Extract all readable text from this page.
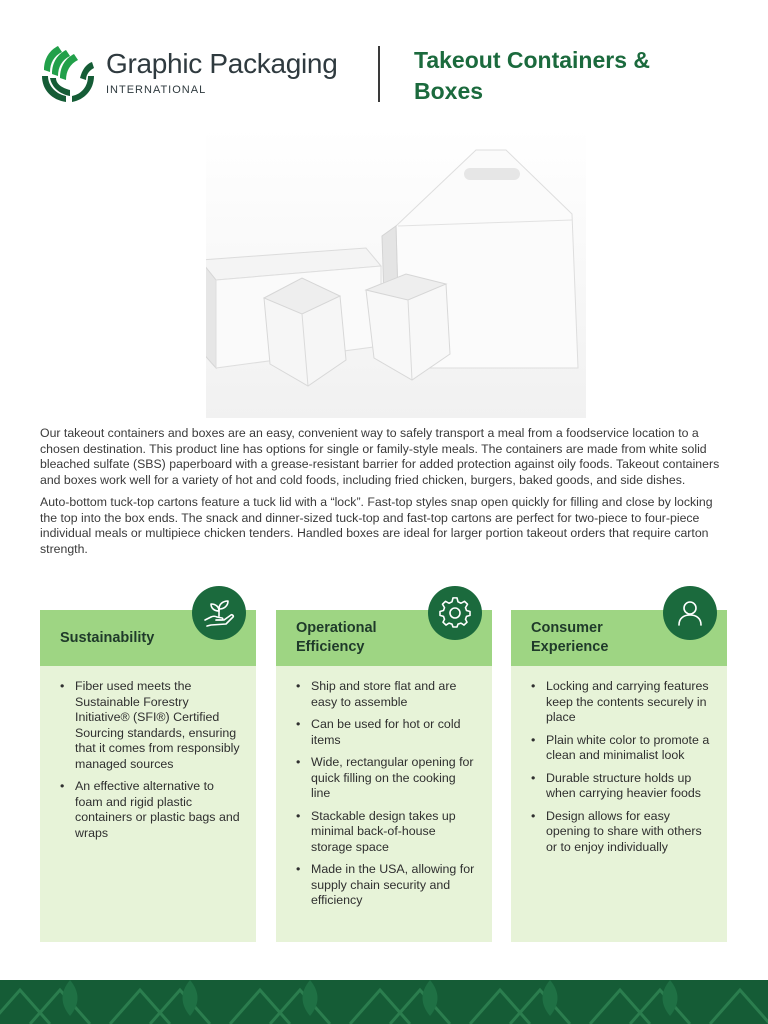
Graphic Packaging
INTERNATIONAL
Takeout Containers &
Boxes

Our takeout containers and boxes are an easy, convenient way to safely transport a meal from a foodservice location to a chosen destination. This product line has options for single or family-style meals. The containers are made from white solid bleached sulfate (SBS) paperboard with a grease-resistant barrier for added protection against oily foods. Takeout containers and boxes work well for a variety of hot and cold foods, including fried chicken, burgers, baked goods, and side dishes.

Auto-bottom tuck-top cartons feature a tuck lid with a “lock”. Fast-top styles snap open quickly for filling and close by locking the top into the box ends. The snack and dinner-sized tuck-top and fast-top cartons are perfect for two-piece to four-piece individual meals or multipiece chicken tenders. Handled boxes are ideal for larger portion takeout orders that require carton strength.

Sustainability
• Fiber used meets the Sustainable Forestry Initiative® (SFI®) Certified Sourcing standards, ensuring that it comes from responsibly managed sources
• An effective alternative to foam and rigid plastic containers or plastic bags and wraps
Operational Efficiency
• Ship and store flat and are easy to assemble
• Can be used for hot or cold items
• Wide, rectangular opening for quick filling on the cooking line
• Stackable design takes up minimal back-of-house storage space
• Made in the USA, allowing for supply chain security and efficiency
Consumer Experience
• Locking and carrying features keep the contents securely in place
• Plain white color to promote a clean and minimalist look
• Durable structure holds up when carrying heavier foods
• Design allows for easy opening to share with others or to enjoy individually
